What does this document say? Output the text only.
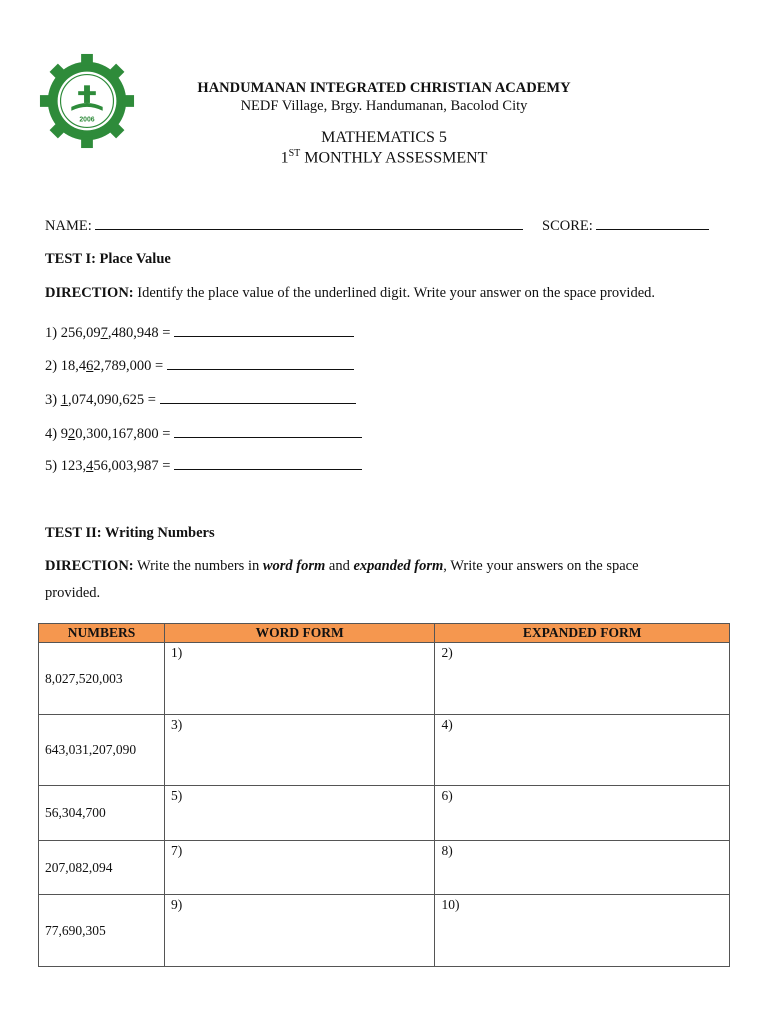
2006
HANDUMANAN INTEGRATED CHRISTIAN ACADEMY
NEDF Village, Brgy. Handumanan, Bacolod City
MATHEMATICS 5
1ST MONTHLY ASSESSMENT
NAME:	SCORE:
TEST I: Place Value
DIRECTION: Identify the place value of the underlined digit. Write your answer on the space provided.
1) 256,097,480,948 =
2) 18,462,789,000 =
3) 1,074,090,625 =
4) 920,300,167,800 =
5) 123,456,003,987 =
TEST II: Writing Numbers
DIRECTION: Write the numbers in word form and expanded form, Write your answers on the space
provided.
NUMBERS	WORD FORM	EXPANDED FORM
8,027,520,003	1)	2)
643,031,207,090	3)	4)
56,304,700	5)	6)
207,082,094	7)	8)
77,690,305	9)	10)
